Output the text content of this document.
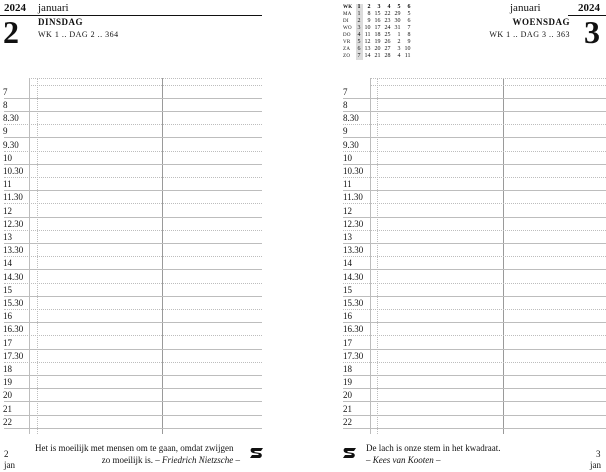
2024 januari
2 DINSDAG
WK 1 .. DAG 2 .. 364
7
8
8.30
9
9.30
10
10.30
11
11.30
12
12.30
13
13.30
14
14.30
15
15.30
16
16.30
17
17.30
18
19
20
21
22
Het is moeilijk met mensen om te gaan, omdat zwijgen
zo moeilijk is. – Friedrich Nietzsche –
2
jan
WK	1	2	3	4	5	6
MA	1	8	15	22	29	5
DI	2	9	16	23	30	6
WO	3	10	17	24	31	7
DO	4	11	18	25	1	8
VR	5	12	19	26	2	9
ZA	6	13	20	27	3	10
ZO	7	14	21	28	4	11
januari	2024
WOENSDAG
WK 1 .. DAG 3 .. 363 3
7
8
8.30
9
9.30
10
10.30
11
11.30
12
12.30
13
13.30
14
14.30
15
15.30
16
16.30
17
17.30
18
19
20
21
22
De lach is onze stem in het kwadraat.
– Kees van Kooten –
3
jan
